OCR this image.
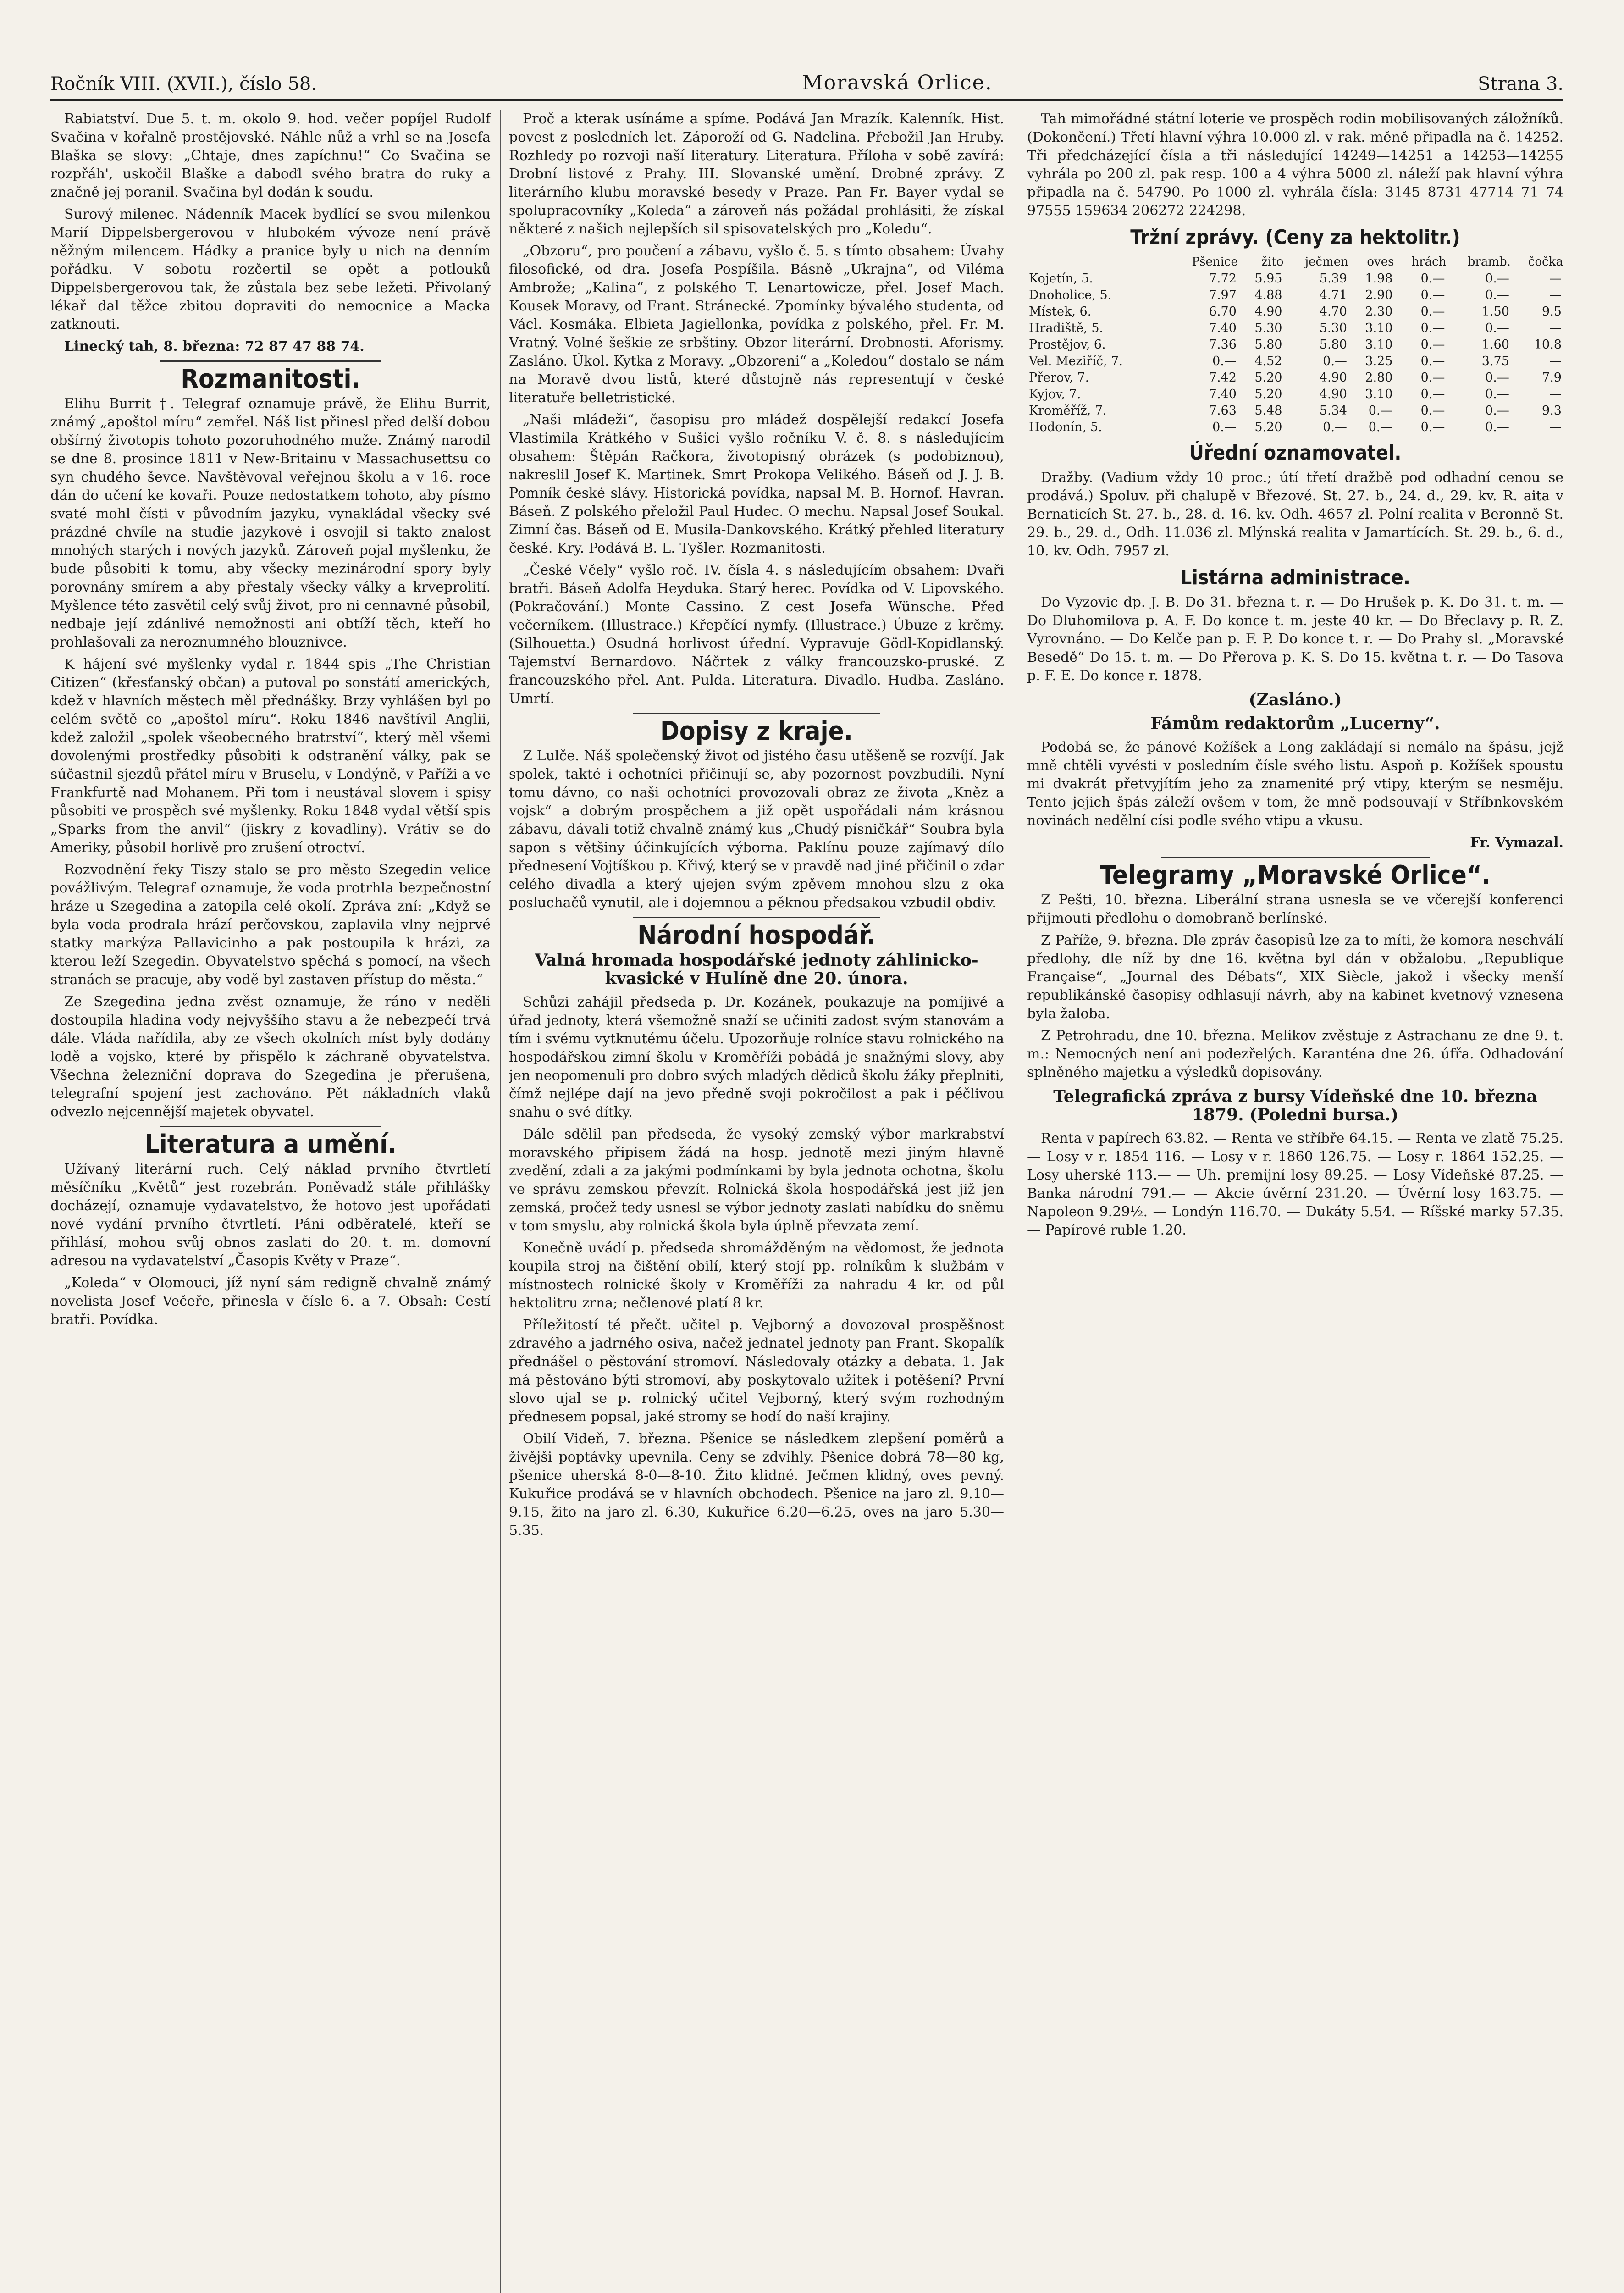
Ročník VIII. (XVII.), číslo 58.	Moravská Orlice.	Strana 3.

Rabiatství. Due 5. t. m. okolo 9. hod. večer popíjel Rudolf Svačina v kořalně prostějovské. Náhle nůž a vrhl se na Josefa Blaška se slovy: „Chtaje, dnes zapíchnu!“ Co Svačina se rozpřáh', uskočil Blaške a daboďl svého bratra do ruky a značně jej poranil. Svačina byl dodán k soudu.

Surový milenec. Nádenník Macek bydlící se svou milenkou Marií Dippelsbergerovou v hlubokém vývoze není právě něžným milencem. Hádky a pranice byly u nich na denním pořádku. V sobotu rozčertil se opět a potlouků Dippelsbergerovou tak, že zůstala bez sebe ležeti. Přivolaný lékař dal těžce zbitou dopraviti do nemocnice a Macka zatknouti.

Linecký tah, 8. března: 72 87 47 88 74.

Rozmanitosti.

Elihu Burrit †. Telegraf oznamuje právě, že Elihu Burrit, známý „apoštol míru“ zemřel. Náš list přinesl před delší dobou obšírný životopis tohoto pozoruhodného muže. Známý narodil se dne 8. prosince 1811 v New-Britainu v Massachusettsu co syn chudého ševce. Navštěvoval veřejnou školu a v 16. roce dán do učení ke kovaři. Pouze nedostatkem tohoto, aby písmo svaté mohl čísti v původním jazyku, vynakládal všecky své prázdné chvíle na studie jazykové i osvojil si takto znalost mnohých starých i nových jazyků. Zároveň pojal myšlenku, že bude působiti k tomu, aby všecky mezinárodní spory byly porovnány smírem a aby přestaly všecky války a krveprolití. Myšlence této zasvětil celý svůj život, pro ni cennavné působil, nedbaje její zdánlivé nemožnosti ani obtíží těch, kteří ho prohlašovali za neroznumného blouznivce.

K hájení své myšlenky vydal r. 1844 spis „The Christian Citizen“ (křesťanský občan) a putoval po sonstátí amerických, kdež v hlavních městech měl přednášky. Brzy vyhlášen byl po celém světě co „apoštol míru“. Roku 1846 navštívil Anglii, kdež založil „spolek všeobecného bratrství“, který měl všemi dovolenými prostředky působiti k odstranění války, pak se súčastnil sjezdů přátel míru v Bruselu, v Londýně, v Paříži a ve Frankfurtě nad Mohanem. Při tom i neustával slovem i spisy působiti ve prospěch své myšlenky. Roku 1848 vydal větší spis „Sparks from the anvil“ (jiskry z kovadliny). Vrátiv se do Ameriky, působil horlivě pro zrušení otroctví.

Rozvodnění řeky Tiszy stalo se pro město Szegedin velice povážlivým. Telegraf oznamuje, že voda protrhla bezpečnostní hráze u Szegedina a zatopila celé okolí. Zpráva zní: „Když se byla voda prodrala hrází perčovskou, zaplavila vlny nejprvé statky markýza Pallavicinho a pak postoupila k hrázi, za kterou leží Szegedin. Obyvatelstvo spěchá s pomocí, na všech stranách se pracuje, aby vodě byl zastaven přístup do města.“

Ze Szegedina jedna zvěst oznamuje, že ráno v neděli dostoupila hladina vody nejvyššího stavu a že nebezpečí trvá dále. Vláda nařídila, aby ze všech okolních míst byly dodány lodě a vojsko, které by přispělo k záchraně obyvatelstva. Všechna železniční doprava do Szegedina je přerušena, telegrafní spojení jest zachováno. Pět nákladních vlaků odvezlo nejcennější majetek obyvatel.

Literatura a umění.

Užívaný literární ruch. Celý náklad prvního čtvrtletí měsíčníku „Květů“ jest rozebrán. Poněvadž stále přihlášky docházejí, oznamuje vydavatelstvo, že hotovo jest upořádati nové vydání prvního čtvrtletí. Páni odběratelé, kteří se přihlásí, mohou svůj obnos zaslati do 20. t. m. domovní adresou na vydavatelství „Časopis Květy v Praze“.

„Koleda“ v Olomouci, jíž nyní sám redigně chvalně známý novelista Josef Večeře, přinesla v čísle 6. a 7. Obsah: Cestí bratři. Povídka.

Proč a kterak usínáme a spíme. Podává Jan Mrazík. Kalenník. Hist. povest z posledních let. Záporoží od G. Nadelina. Přebožil Jan Hruby. Rozhledy po rozvoji naší literatury. Literatura. Příloha v sobě zavírá: Drobní listové z Prahy. III. Slovanské umění. Drobné zprávy. Z literárního klubu moravské besedy v Praze. Pan Fr. Bayer vydal se spolupracovníky „Koleda“ a zároveň nás požádal prohlásiti, že získal některé z našich nejlepších sil spisovatelských pro „Koledu“.

„Obzoru“, pro poučení a zábavu, vyšlo č. 5. s tímto obsahem: Úvahy filosofické, od dra. Josefa Pospíšila. Básně „Ukrajna“, od Viléma Ambrože; „Kalina“, z polského T. Lenartowicze, přel. Josef Mach. Kousek Moravy, od Frant. Stránecké. Zpomínky bývalého studenta, od Václ. Kosmáka. Elbieta Jagiellonka, povídka z polského, přel. Fr. M. Vratný. Volné šeškie ze srbštiny. Obzor literární. Drobnosti. Aforismy. Zasláno. Úkol. Kytka z Moravy. „Obzoreni“ a „Koledou“ dostalo se nám na Moravě dvou listů, které důstojně nás representují v české literatuře belletristické.

„Naši mládeži“, časopisu pro mládež dospělejší redakcí Josefa Vlastimila Krátkého v Sušici vyšlo ročníku V. č. 8. s následujícím obsahem: Štěpán Račkora, životopisný obrázek (s podobiznou), nakreslil Josef K. Martinek. Smrt Prokopa Velikého. Báseň od J. J. B. Pomník české slávy. Historická povídka, napsal M. B. Hornof. Havran. Báseň. Z polského přeložil Paul Hudec. O mechu. Napsal Josef Soukal. Zimní čas. Báseň od E. Musila-Dankovského. Krátký přehled literatury české. Kry. Podává B. L. Tyšler. Rozmanitosti.

„České Včely“ vyšlo roč. IV. čísla 4. s následujícím obsahem: Dvaři bratři. Báseň Adolfa Heyduka. Starý herec. Povídka od V. Lipovského. (Pokračování.) Monte Cassino. Z cest Josefa Wünsche. Před večerníkem. (Illustrace.) Křepčící nymfy. (Illustrace.) Úbuze z krčmy. (Silhouetta.) Osudná horlivost úřední. Vypravuje Gödl-Kopidlanský. Tajemství Bernardovo. Náčrtek z války francouzsko-pruské. Z francouzského přel. Ant. Pulda. Literatura. Divadlo. Hudba. Zasláno. Umrtí.

Dopisy z kraje.

Z Lulče. Náš společenský život od jistého času utěšeně se rozvíjí. Jak spolek, takté i ochotníci přičinují se, aby pozornost povzbudili. Nyní tomu dávno, co naši ochotníci provozovali obraz ze života „Kněz a vojsk“ a dobrým prospěchem a již opět uspořádali nám krásnou zábavu, dávali totiž chvalně známý kus „Chudý písničkář“ Soubra byla sapon s většiny účinkujících výborna. Paklínu pouze zajímavý dílo přednesení Vojtíškou p. Křivý, který se v pravdě nad jiné přičinil o zdar celého divadla a který ujejen svým zpěvem mnohou slzu z oka posluchačů vynutil, ale i dojemnou a pěknou předsakou vzbudil obdiv.

Národní hospodář.
Valná hromada hospodářské jednoty záhlinicko-kvasické v Hulíně dne 20. února.

Schůzi zahájil předseda p. Dr. Kozánek, poukazuje na pomíjivé a úřad jednoty, která všemožně snaží se učiniti zadost svým stanovám a tím i svému vytknutému účelu. Upozorňuje rolníce stavu rolnického na hospodářskou zimní školu v Kroměříži pobádá je snažnými slovy, aby jen neopomenuli pro dobro svých mladých dědiců školu žáky přeplniti, čímž nejlépe dají na jevo předně svoji pokročilost a pak i péčlivou snahu o své dítky.

Dále sdělil pan předseda, že vysoký zemský výbor markrabství moravského připisem žádá na hosp. jednotě mezi jiným hlavně zvedění, zdali a za jakými podmínkami by byla jednota ochotna, školu ve správu zemskou převzít. Rolnická škola hospodářská jest již jen zemská, pročež tedy usnesl se výbor jednoty zaslati nabídku do sněmu v tom smyslu, aby rolnická škola byla úplně převzata zemí.

Konečně uvádí p. předseda shromážděným na vědomost, že jednota koupila stroj na čištění obilí, který stojí pp. rolníkům k službám v místnostech rolnické školy v Kroměříži za nahradu 4 kr. od půl hektolitru zrna; nečlenové platí 8 kr.

Příležitostí té přečt. učitel p. Vejborný a dovozoval prospěšnost zdravého a jadrného osiva, načež jednatel jednoty pan Frant. Skopalík přednášel o pěstování stromoví. Následovaly otázky a debata. 1. Jak má pěstováno býti stromoví, aby poskytovalo užitek i potěšení? První slovo ujal se p. rolnický učitel Vejborný, který svým rozhodným přednesem popsal, jaké stromy se hodí do naší krajiny.

Obilí Videň, 7. března. Pšenice se následkem zlepšení poměrů a živějši poptávky upevnila. Ceny se zdvihly. Pšenice dobrá 78—80 kg, pšenice uherská 8-0—8-10. Žito klidné. Ječmen klidný, oves pevný. Kukuřice prodává se v hlavních obchodech. Pšenice na jaro zl. 9.10—9.15, žito na jaro zl. 6.30, Kukuřice 6.20—6.25, oves na jaro 5.30—5.35.

Tah mimořádné státní loterie ve prospěch rodin mobilisovaných záložníků. (Dokončení.) Třetí hlavní výhra 10.000 zl. v rak. měně připadla na č. 14252. Tři předcházející čísla a tři následující 14249—14251 a 14253—14255 vyhrála po 200 zl. pak resp. 100 a 4 výhra 5000 zl. náleží pak hlavní výhra připadla na č. 54790. Po 1000 zl. vyhrála čísla: 3145 8731 47714 71 74 97555 159634 206272 224298.

Tržní zprávy. (Ceny za hektolitr.)
	Pšenice	žito	ječmen	oves	hrách	bramb.	čočka
Kojetín, 5.	7.72	5.95	5.39	1.98	0.—	0.—	—
Dnoholice, 5.	7.97	4.88	4.71	2.90	0.—	0.—	—
Místek, 6.	6.70	4.90	4.70	2.30	0.—	1.50	9.5
Hradiště, 5.	7.40	5.30	5.30	3.10	0.—	0.—	—
Prostějov, 6.	7.36	5.80	5.80	3.10	0.—	1.60	10.8
Vel. Meziříč, 7.	0.—	4.52	0.—	3.25	0.—	3.75	—
Přerov, 7.	7.42	5.20	4.90	2.80	0.—	0.—	7.9
Kyjov, 7.	7.40	5.20	4.90	3.10	0.—	0.—	—
Kroměříž, 7.	7.63	5.48	5.34	0.—	0.—	0.—	9.3
Hodonín, 5.	0.—	5.20	0.—	0.—	0.—	0.—	—
Úřední oznamovatel.

Dražby. (Vadium vždy 10 proc.; útí třetí dražbě pod odhadní cenou se prodává.) Spoluv. při chalupě v Březové. St. 27. b., 24. d., 29. kv. R. aita v Bernaticích St. 27. b., 28. d. 16. kv. Odh. 4657 zl. Polní realita v Beronně St. 29. b., 29. d., Odh. 11.036 zl. Mlýnská realita v Jamartících. St. 29. b., 6. d., 10. kv. Odh. 7957 zl.

Listárna administrace.

Do Vyzovic dp. J. B. Do 31. března t. r. — Do Hrušek p. K. Do 31. t. m. — Do Dluhomilova p. A. F. Do konce t. m. jeste 40 kr. — Do Břeclavy p. R. Z. Vyrovnáno. — Do Kelče pan p. F. P. Do konce t. r. — Do Prahy sl. „Moravské Besedě“ Do 15. t. m. — Do Přerova p. K. S. Do 15. května t. r. — Do Tasova p. F. E. Do konce r. 1878.

(Zasláno.)
Fámům redaktorům „Lucerny“.

Podobá se, že pánové Kožíšek a Long zakládají si nemálo na špásu, jejž mně chtěli vyvésti v posledním čísle svého listu. Aspoň p. Kožíšek spoustu mi dvakrát přetvyjítím jeho za znamenité prý vtipy, kterým se nesměju. Tento jejich špás záleží ovšem v tom, že mně podsouvají v Stříbnkovském novinách nedělní císi podle svého vtipu a vkusu.

Fr. Vymazal.

Telegramy „Moravské Orlice“.

Z Pešti, 10. března. Liberální strana usnesla se ve včerejší konferenci přijmouti předlohu o domobraně berlínské.

Z Paříže, 9. března. Dle zpráv časopisů lze za to míti, že komora neschválí předlohy, dle níž by dne 16. května byl dán v obžalobu. „Republique Française“, „Journal des Débats“, XIX Siècle, jakož i všecky menší republikánské časopisy odhlasují návrh, aby na kabinet kvetnový vznesena byla žaloba.

Z Petrohradu, dne 10. března. Melikov zvěstuje z Astrachanu ze dne 9. t. m.: Nemocných není ani podezřelých. Karanténa dne 26. úfřa. Odhadování splněného majetku a výsledků dopisovány.

Telegrafická zpráva z bursy Vídeňské dne 10. března 1879. (Poledni bursa.)

Renta v papírech 63.82. — Renta ve stříbře 64.15. — Renta ve zlatě 75.25. — Losy v r. 1854 116. — Losy v r. 1860 126.75. — Losy r. 1864 152.25. — Losy uherské 113.— — Uh. premijní losy 89.25. — Losy Vídeňské 87.25. — Banka národní 791.— — Akcie úvěrní 231.20. — Úvěrní losy 163.75. — Napoleon 9.29½. — Londýn 116.70. — Dukáty 5.54. — Ríšské marky 57.35. — Papírové ruble 1.20.
